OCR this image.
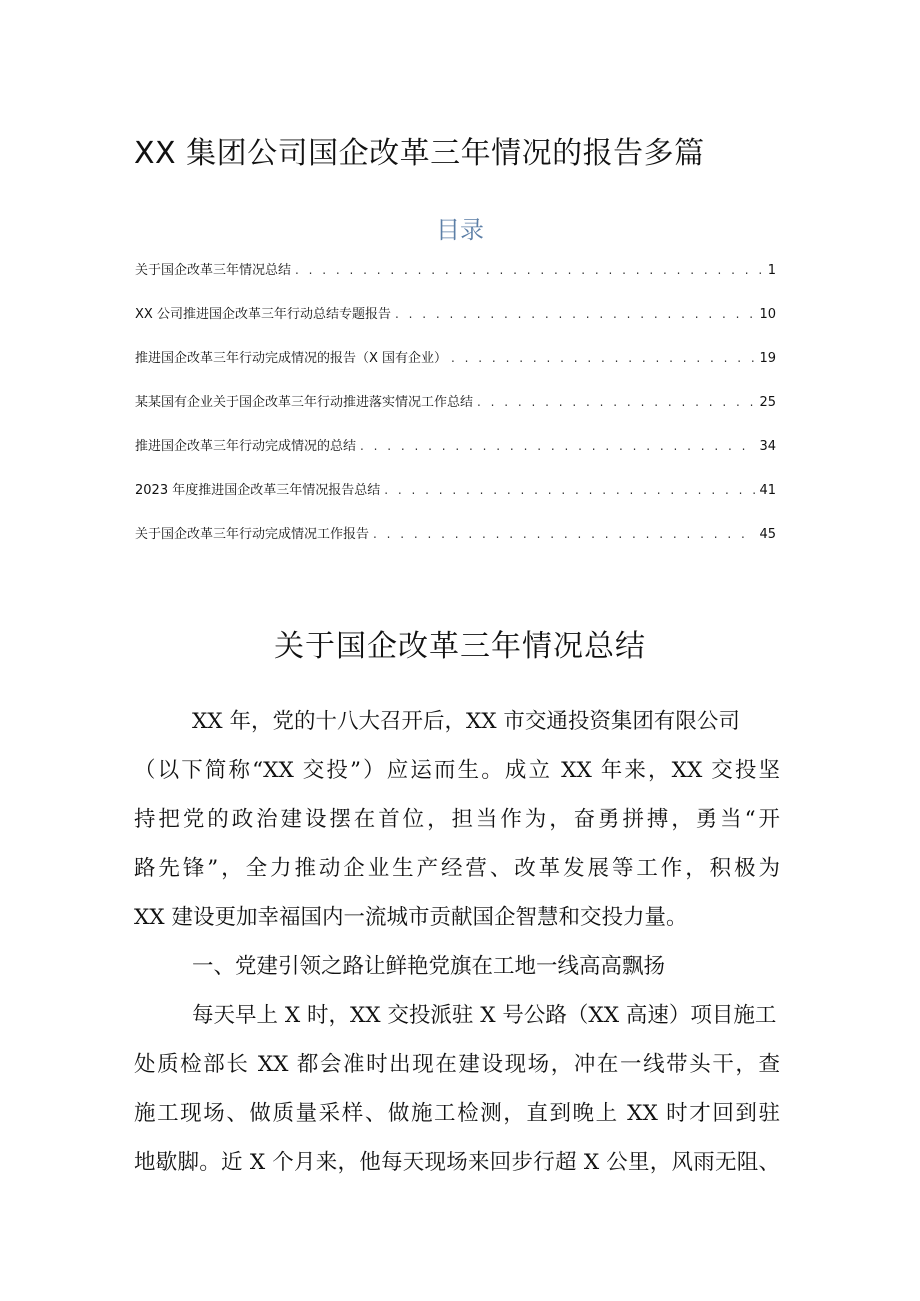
XX 集团公司国企改革三年情况的报告多篇
目录
关于国企改革三年情况总结 . . .	1
XX 公司推进国企改革三年行动总结专题报告 . . .	10
推进国企改革三年行动完成情况的报告（X 国有企业） . . .	19
某某国有企业关于国企改革三年行动推进落实情况工作总结 . . .	25
推进国企改革三年行动完成情况的总结 . . .	34
2023 年度推进国企改革三年情况报告总结 . . .	41
关于国企改革三年行动完成情况工作报告 . . .	45
关于国企改革三年情况总结
XX 年，党的十八大召开后，XX 市交通投资集团有限公司
（以下简称“XX 交投”）应运而生。成立 XX 年来，XX 交投坚
持把党的政治建设摆在首位，担当作为，奋勇拼搏，勇当“开
路先锋”，全力推动企业生产经营、改革发展等工作，积极为
XX 建设更加幸福国内一流城市贡献国企智慧和交投力量。
一、党建引领之路让鲜艳党旗在工地一线高高飘扬
每天早上 X 时，XX 交投派驻 X 号公路（XX 高速）项目施工
处质检部长 XX 都会准时出现在建设现场，冲在一线带头干，查
施工现场、做质量采样、做施工检测，直到晚上 XX 时才回到驻
地歇脚。近 X 个月来，他每天现场来回步行超 X 公里，风雨无阻、
